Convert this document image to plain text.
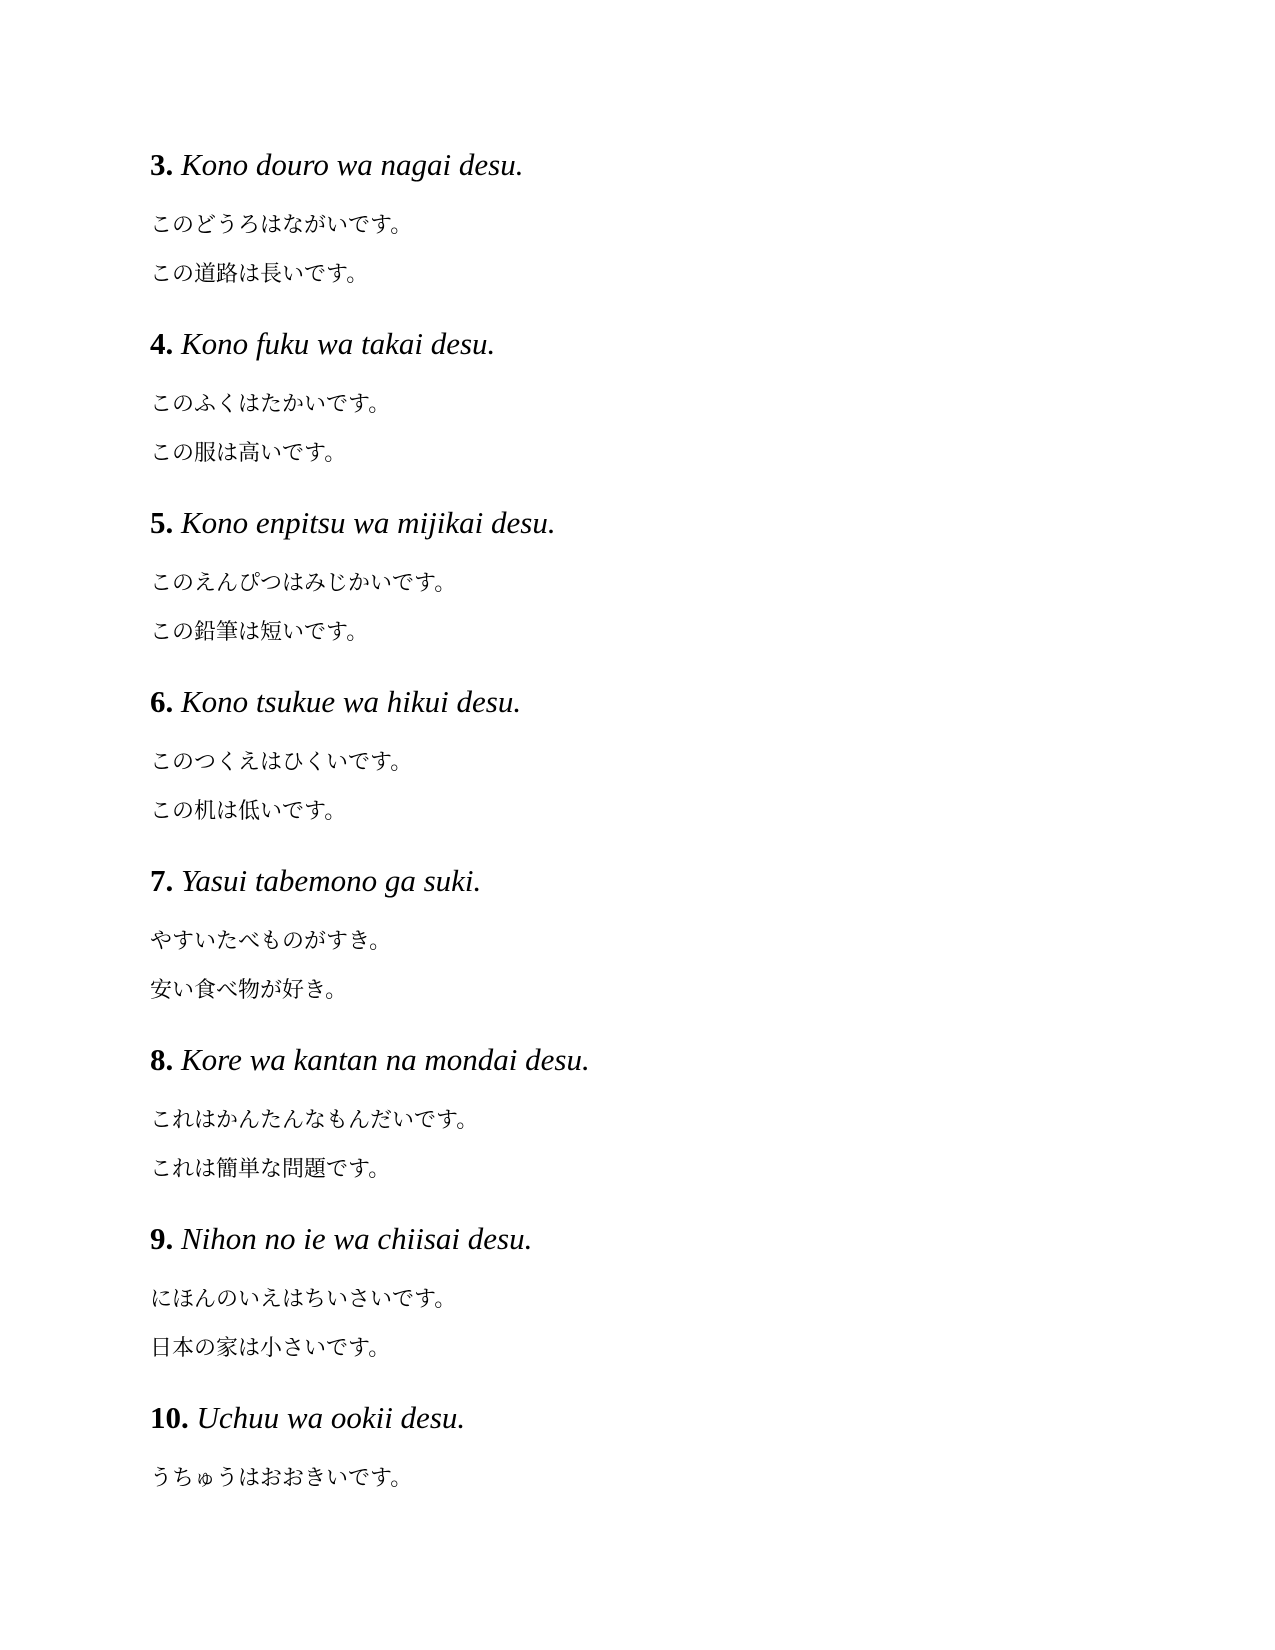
3. Kono douro wa nagai desu.

このどうろはながいです。

この道路は長いです。

4. Kono fuku wa takai desu.

このふくはたかいです。

この服は高いです。

5. Kono enpitsu wa mijikai desu.

このえんぴつはみじかいです。

この鉛筆は短いです。

6. Kono tsukue wa hikui desu.

このつくえはひくいです。

この机は低いです。

7. Yasui tabemono ga suki.

やすいたべものがすき。

安い食べ物が好き。

8. Kore wa kantan na mondai desu.

これはかんたんなもんだいです。

これは簡単な問題です。

9. Nihon no ie wa chiisai desu.

にほんのいえはちいさいです。

日本の家は小さいです。

10. Uchuu wa ookii desu.

うちゅうはおおきいです。
